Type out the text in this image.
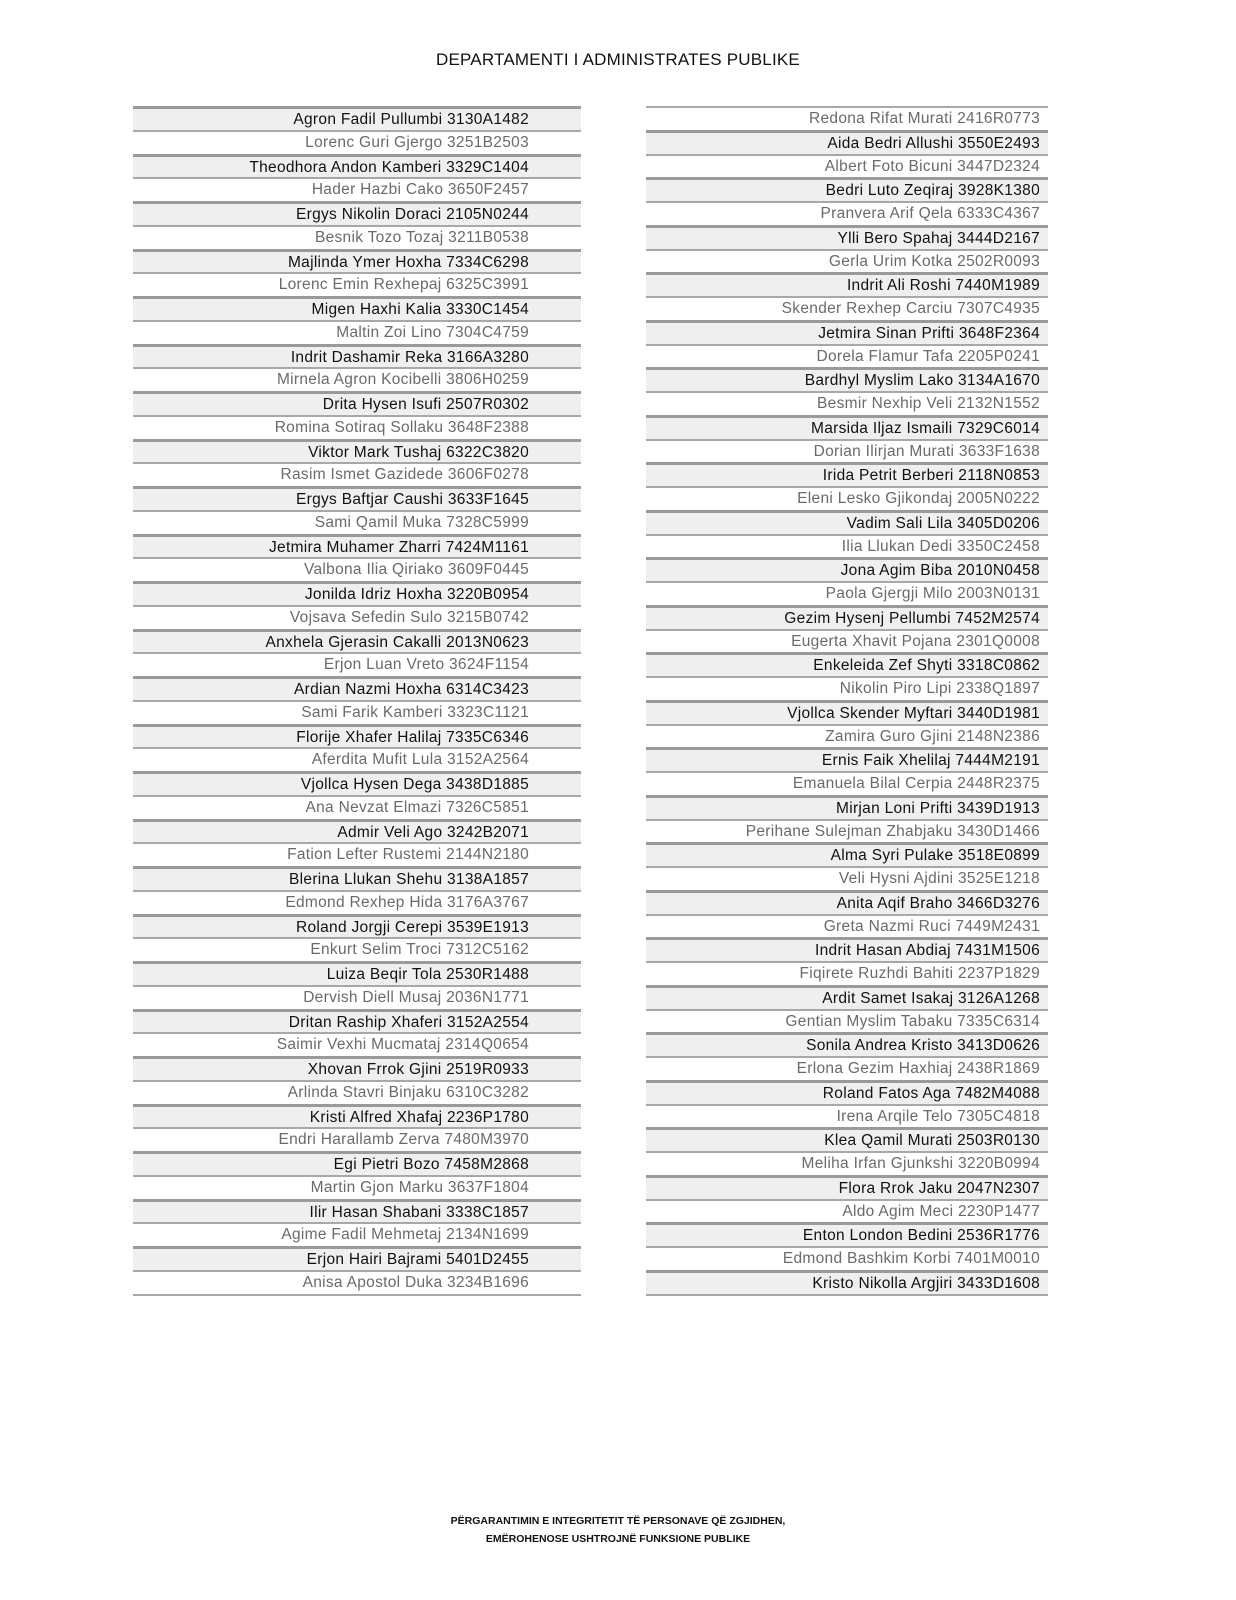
DEPARTAMENTI I ADMINISTRATES PUBLIKE
Agron Fadil Pullumbi 3130A1482
Lorenc Guri Gjergo 3251B2503
Theodhora Andon Kamberi 3329C1404
Hader Hazbi Cako 3650F2457
Ergys Nikolin Doraci 2105N0244
Besnik Tozo Tozaj 3211B0538
Majlinda Ymer Hoxha 7334C6298
Lorenc Emin Rexhepaj 6325C3991
Migen Haxhi Kalia 3330C1454
Maltin Zoi Lino 7304C4759
Indrit Dashamir Reka 3166A3280
Mirnela Agron Kocibelli 3806H0259
Drita Hysen Isufi 2507R0302
Romina Sotiraq Sollaku 3648F2388
Viktor Mark Tushaj 6322C3820
Rasim Ismet Gazidede 3606F0278
Ergys Baftjar Caushi 3633F1645
Sami Qamil Muka 7328C5999
Jetmira Muhamer Zharri 7424M1161
Valbona Ilia Qiriako 3609F0445
Jonilda Idriz Hoxha 3220B0954
Vojsava Sefedin Sulo 3215B0742
Anxhela Gjerasin Cakalli 2013N0623
Erjon Luan Vreto 3624F1154
Ardian Nazmi Hoxha 6314C3423
Sami Farik Kamberi 3323C1121
Florije Xhafer Halilaj 7335C6346
Aferdita Mufit Lula 3152A2564
Vjollca Hysen Dega 3438D1885
Ana Nevzat Elmazi 7326C5851
Admir Veli Ago 3242B2071
Fation Lefter Rustemi 2144N2180
Blerina Llukan Shehu 3138A1857
Edmond Rexhep Hida 3176A3767
Roland Jorgji Cerepi 3539E1913
Enkurt Selim Troci 7312C5162
Luiza Beqir Tola 2530R1488
Dervish Diell Musaj 2036N1771
Dritan Raship Xhaferi 3152A2554
Saimir Vexhi Mucmataj 2314Q0654
Xhovan Frrok Gjini 2519R0933
Arlinda Stavri Binjaku 6310C3282
Kristi Alfred Xhafaj 2236P1780
Endri Harallamb Zerva 7480M3970
Egi Pietri Bozo 7458M2868
Martin Gjon Marku 3637F1804
Ilir Hasan Shabani 3338C1857
Agime Fadil Mehmetaj 2134N1699
Erjon Hairi Bajrami 5401D2455
Anisa Apostol Duka 3234B1696
Redona Rifat Murati 2416R0773
Aida Bedri Allushi 3550E2493
Albert Foto Bicuni 3447D2324
Bedri Luto Zeqiraj 3928K1380
Pranvera Arif Qela 6333C4367
Ylli Bero Spahaj 3444D2167
Gerla Urim Kotka 2502R0093
Indrit Ali Roshi 7440M1989
Skender Rexhep Carciu 7307C4935
Jetmira Sinan Prifti 3648F2364
Dorela Flamur Tafa 2205P0241
Bardhyl Myslim Lako 3134A1670
Besmir Nexhip Veli 2132N1552
Marsida Iljaz Ismaili 7329C6014
Dorian Ilirjan Murati 3633F1638
Irida Petrit Berberi 2118N0853
Eleni Lesko Gjikondaj 2005N0222
Vadim Sali Lila 3405D0206
Ilia Llukan Dedi 3350C2458
Jona Agim Biba 2010N0458
Paola Gjergji Milo 2003N0131
Gezim Hysenj Pellumbi 7452M2574
Eugerta Xhavit Pojana 2301Q0008
Enkeleida Zef Shyti 3318C0862
Nikolin Piro Lipi 2338Q1897
Vjollca Skender Myftari 3440D1981
Zamira Guro Gjini 2148N2386
Ernis Faik Xhelilaj 7444M2191
Emanuela Bilal Cerpia 2448R2375
Mirjan Loni Prifti 3439D1913
Perihane Sulejman Zhabjaku 3430D1466
Alma Syri Pulake 3518E0899
Veli Hysni Ajdini 3525E1218
Anita Aqif Braho 3466D3276
Greta Nazmi Ruci 7449M2431
Indrit Hasan Abdiaj 7431M1506
Fiqirete Ruzhdi Bahiti 2237P1829
Ardit Samet Isakaj 3126A1268
Gentian Myslim Tabaku 7335C6314
Sonila Andrea Kristo 3413D0626
Erlona Gezim Haxhiaj 2438R1869
Roland Fatos Aga 7482M4088
Irena Arqile Telo 7305C4818
Klea Qamil Murati 2503R0130
Meliha Irfan Gjunkshi 3220B0994
Flora Rrok Jaku 2047N2307
Aldo Agim Meci 2230P1477
Enton London Bedini 2536R1776
Edmond Bashkim Korbi 7401M0010
Kristo Nikolla Argjiri 3433D1608
PËRGARANTIMIN E INTEGRITETIT TË PERSONAVE QË ZGJIDHEN,
EMËROHENOSE USHTROJNË FUNKSIONE PUBLIKE
